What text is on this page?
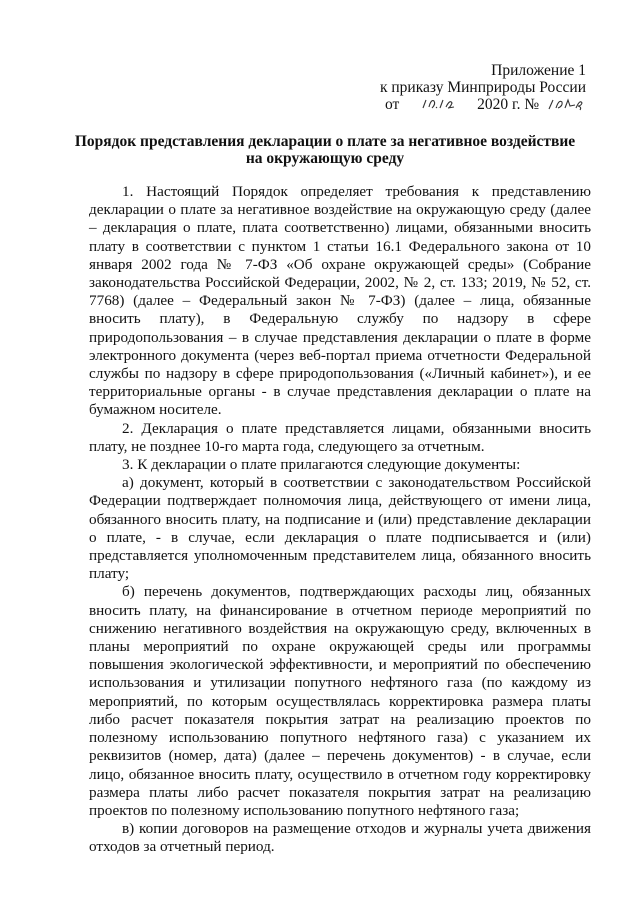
Приложение 1
к приказу Минприроды России
от	2020 г. №
Порядок представления декларации о плате за негативное воздействие
на окружающую среду

1. Настоящий Порядок определяет требования к представлению декларации о плате за негативное воздействие на окружающую среду (далее – декларация о плате, плата соответственно) лицами, обязанными вносить плату в соответствии с пунктом 1 статьи 16.1 Федерального закона от 10 января 2002 года № 7-ФЗ «Об охране окружающей среды» (Собрание законодательства Российской Федерации, 2002, № 2, ст. 133; 2019, № 52, ст. 7768) (далее – Федеральный закон № 7-ФЗ) (далее – лица, обязанные вносить плату), в Федеральную службу по надзору в сфере природопользования – в случае представления декларации о плате в форме электронного документа (через веб-портал приема отчетности Федеральной службы по надзору в сфере природопользования («Личный кабинет»), и ее территориальные органы - в случае представления декларации о плате на бумажном носителе.

2. Декларация о плате представляется лицами, обязанными вносить плату, не позднее 10-го марта года, следующего за отчетным.

3. К декларации о плате прилагаются следующие документы:

а) документ, который в соответствии с законодательством Российской Федерации подтверждает полномочия лица, действующего от имени лица, обязанного вносить плату, на подписание и (или) представление декларации о плате, - в случае, если декларация о плате подписывается и (или) представляется уполномоченным представителем лица, обязанного вносить плату;

б) перечень документов, подтверждающих расходы лиц, обязанных вносить плату, на финансирование в отчетном периоде мероприятий по снижению негативного воздействия на окружающую среду, включенных в планы мероприятий по охране окружающей среды или программы повышения экологической эффективности, и мероприятий по обеспечению использования и утилизации попутного нефтяного газа (по каждому из мероприятий, по которым осуществлялась корректировка размера платы либо расчет показателя покрытия затрат на реализацию проектов по полезному использованию попутного нефтяного газа) с указанием их реквизитов (номер, дата) (далее – перечень документов) - в случае, если лицо, обязанное вносить плату, осуществило в отчетном году корректировку размера платы либо расчет показателя покрытия затрат на реализацию проектов по полезному использованию попутного нефтяного газа;

в) копии договоров на размещение отходов и журналы учета движения отходов за отчетный период.
